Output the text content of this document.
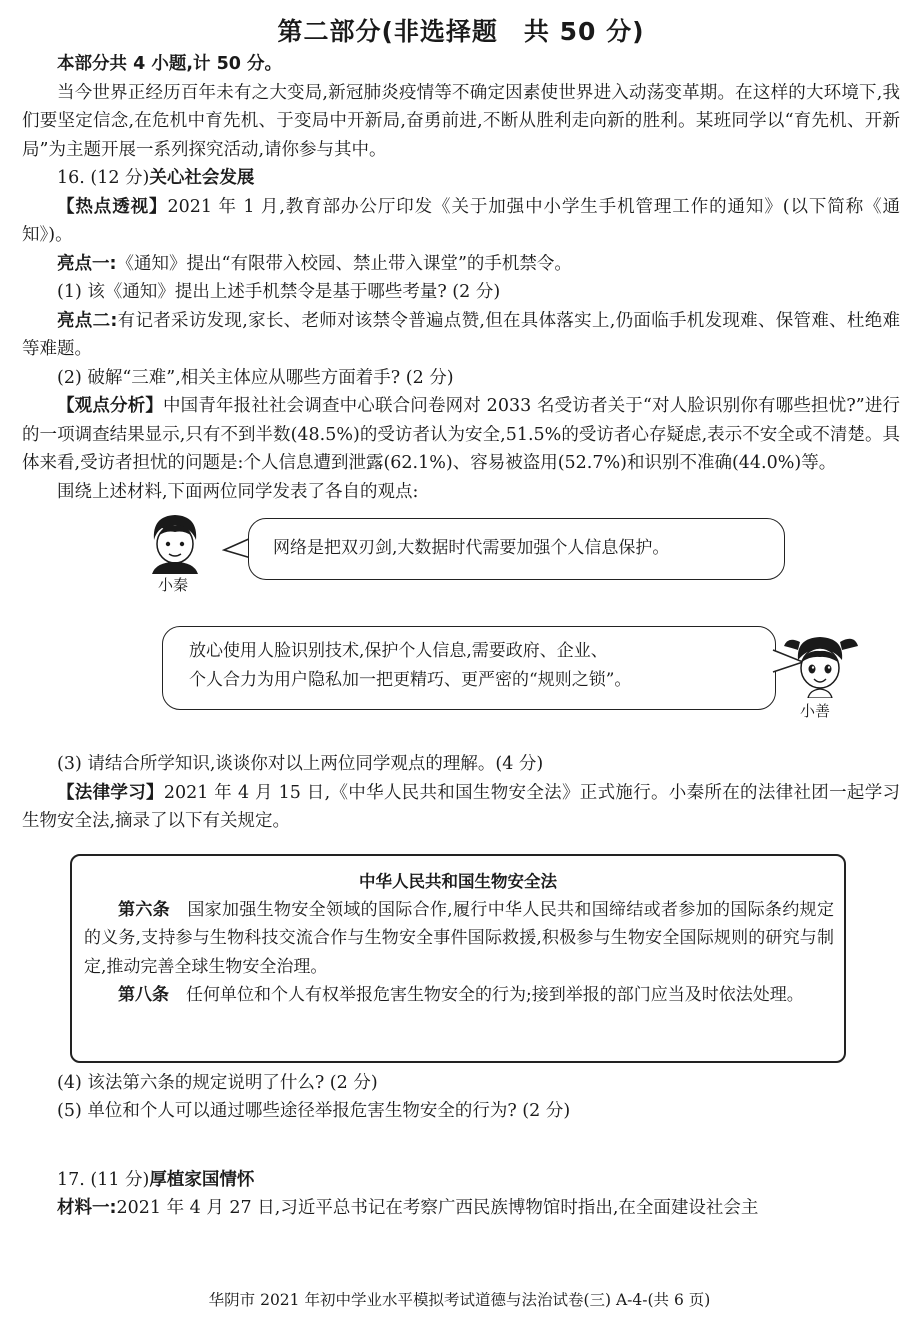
第二部分(非选择题　共 50 分)

本部分共 4 小题,计 50 分。

当今世界正经历百年未有之大变局,新冠肺炎疫情等不确定因素使世界进入动荡变革期。在这样的大环境下,我们要坚定信念,在危机中育先机、于变局中开新局,奋勇前进,不断从胜利走向新的胜利。某班同学以“育先机、开新局”为主题开展一系列探究活动,请你参与其中。

16. (12 分)关心社会发展

【热点透视】2021 年 1 月,教育部办公厅印发《关于加强中小学生手机管理工作的通知》(以下简称《通知》)。

亮点一:《通知》提出“有限带入校园、禁止带入课堂”的手机禁令。

(1) 该《通知》提出上述手机禁令是基于哪些考量? (2 分)

亮点二:有记者采访发现,家长、老师对该禁令普遍点赞,但在具体落实上,仍面临手机发现难、保管难、杜绝难等难题。

(2) 破解“三难”,相关主体应从哪些方面着手? (2 分)

【观点分析】中国青年报社社会调查中心联合问卷网对 2033 名受访者关于“对人脸识别你有哪些担忧?”进行的一项调查结果显示,只有不到半数(48.5%)的受访者认为安全,51.5%的受访者心存疑虑,表示不安全或不清楚。具体来看,受访者担忧的问题是:个人信息遭到泄露(62.1%)、容易被盗用(52.7%)和识别不准确(44.0%)等。

围绕上述材料,下面两位同学发表了各自的观点:

小秦
网络是把双刃剑,大数据时代需要加强个人信息保护。
放心使用人脸识别技术,保护个人信息,需要政府、企业、
个人合力为用户隐私加一把更精巧、更严密的“规则之锁”。
小善

(3) 请结合所学知识,谈谈你对以上两位同学观点的理解。(4 分)

【法律学习】2021 年 4 月 15 日,《中华人民共和国生物安全法》正式施行。小秦所在的法律社团一起学习生物安全法,摘录了以下有关规定。

中华人民共和国生物安全法
第六条　国家加强生物安全领域的国际合作,履行中华人民共和国缔结或者参加的国际条约规定的义务,支持参与生物科技交流合作与生物安全事件国际救援,积极参与生物安全国际规则的研究与制定,推动完善全球生物安全治理。
第八条　任何单位和个人有权举报危害生物安全的行为;接到举报的部门应当及时依法处理。

(4) 该法第六条的规定说明了什么? (2 分)

(5) 单位和个人可以通过哪些途径举报危害生物安全的行为? (2 分)

17. (11 分)厚植家国情怀

材料一:2021 年 4 月 27 日,习近平总书记在考察广西民族博物馆时指出,在全面建设社会主

华阴市 2021 年初中学业水平模拟考试道德与法治试卷(三) A-4-(共 6 页)
